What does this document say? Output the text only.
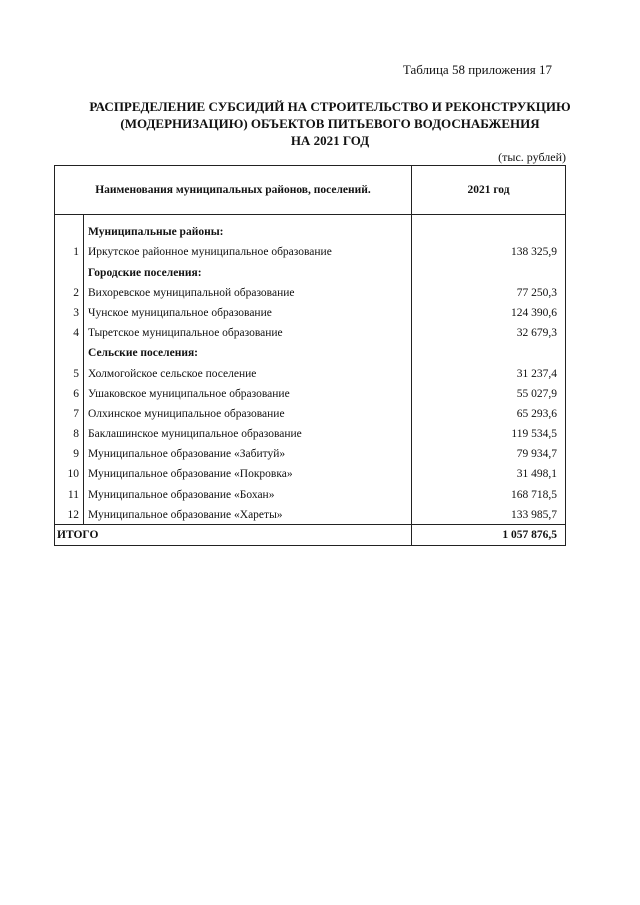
Таблица 58 приложения 17
РАСПРЕДЕЛЕНИЕ СУБСИДИЙ НА СТРОИТЕЛЬСТВО И РЕКОНСТРУКЦИЮ
(МОДЕРНИЗАЦИЮ) ОБЪЕКТОВ ПИТЬЕВОГО ВОДОСНАБЖЕНИЯ
НА 2021 ГОД
(тыс. рублей)
Наименования муниципальных районов, поселений.		2021 год
	Муниципальные районы:	
1	Иркутское районное муниципальное образование	138 325,9
	Городские поселения:	
2	Вихоревское муниципальной образование	77 250,3
3	Чунское муниципальное образование	124 390,6
4	Тыретское муниципальное образование	32 679,3
	Сельские поселения:	
5	Холмогойское сельское поселение	31 237,4
6	Ушаковское муниципальное образование	55 027,9
7	Олхинское муниципальное образование	65 293,6
8	Баклашинское муниципальное образование	119 534,5
9	Муниципальное образование «Забитуй»	79 934,7
10	Муниципальное образование «Покровка»	31 498,1
11	Муниципальное образование «Бохан»	168 718,5
12	Муниципальное образование «Хареты»	133 985,7
ИТОГО		1 057 876,5
